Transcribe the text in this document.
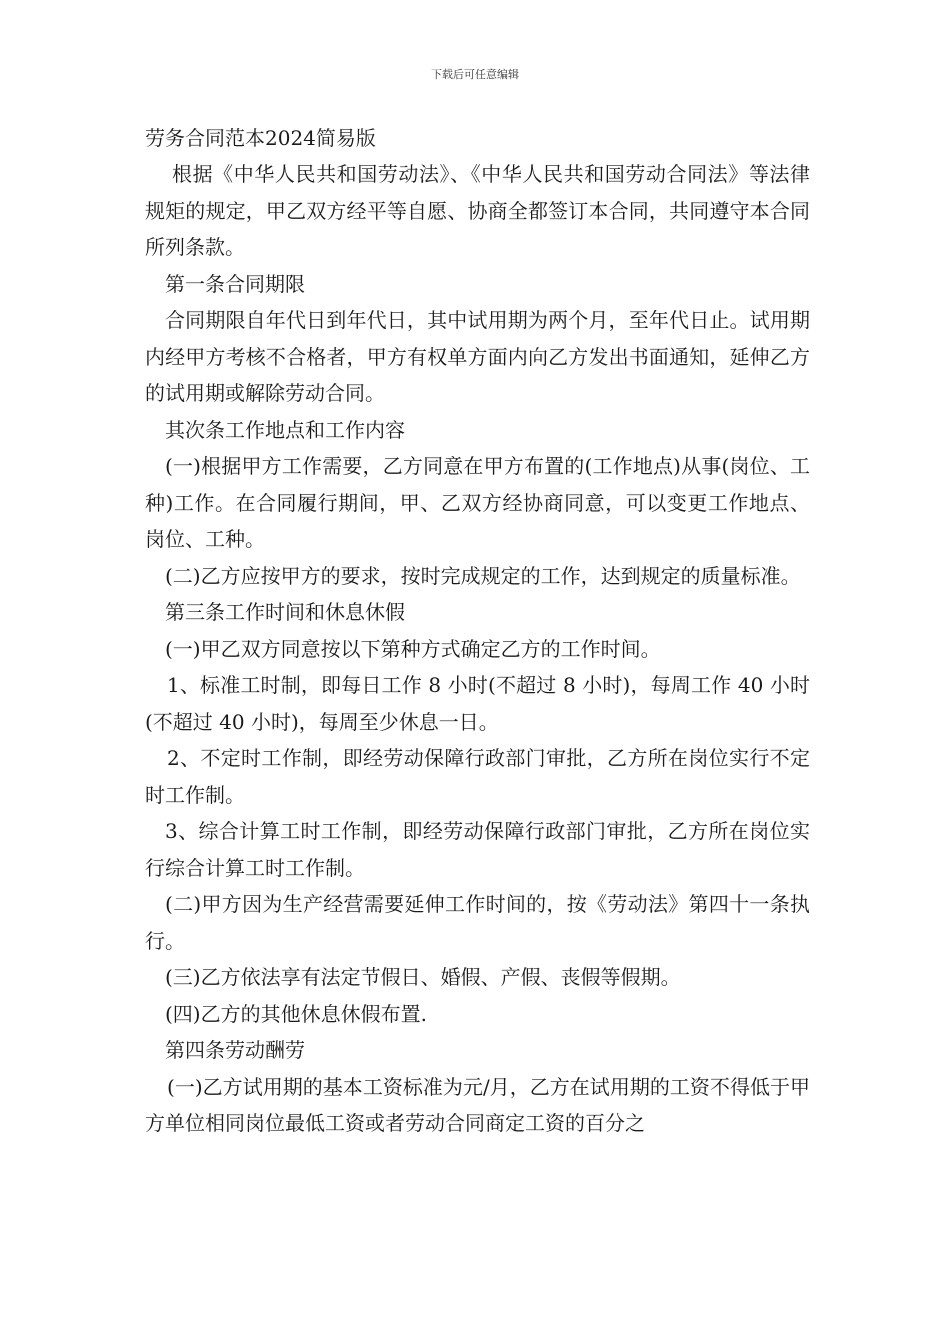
下载后可任意编辑

劳务合同范本2024简易版

根据《中华人民共和国劳动法》、《中华人民共和国劳动合同法》等法律规矩的规定，甲乙双方经平等自愿、协商全都签订本合同，共同遵守本合同所列条款。

第一条合同期限

合同期限自年代日到年代日，其中试用期为两个月，至年代日止。试用期内经甲方考核不合格者，甲方有权单方面内向乙方发出书面通知，延伸乙方的试用期或解除劳动合同。

其次条工作地点和工作内容

(一)根据甲方工作需要，乙方同意在甲方布置的(工作地点)从事(岗位、工种)工作。在合同履行期间，甲、乙双方经协商同意，可以变更工作地点、岗位、工种。

(二)乙方应按甲方的要求，按时完成规定的工作，达到规定的质量标准。

第三条工作时间和休息休假

(一)甲乙双方同意按以下第种方式确定乙方的工作时间。

1、标准工时制，即每日工作 8 小时(不超过 8 小时)，每周工作 40 小时(不超过 40 小时)，每周至少休息一日。

2、不定时工作制，即经劳动保障行政部门审批，乙方所在岗位实行不定时工作制。

3、综合计算工时工作制，即经劳动保障行政部门审批，乙方所在岗位实行综合计算工时工作制。

(二)甲方因为生产经营需要延伸工作时间的，按《劳动法》第四十一条执行。

(三)乙方依法享有法定节假日、婚假、产假、丧假等假期。

(四)乙方的其他休息休假布置.

第四条劳动酬劳

(一)乙方试用期的基本工资标准为元/月，乙方在试用期的工资不得低于甲方单位相同岗位最低工资或者劳动合同商定工资的百分之
